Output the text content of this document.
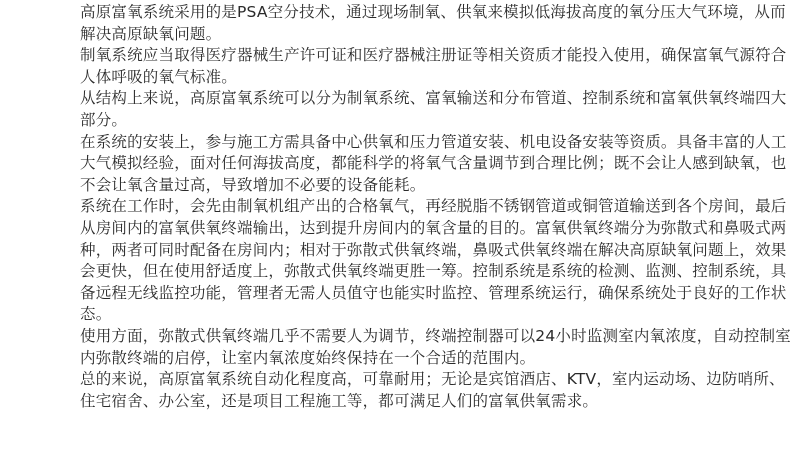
高原富氧系统采用的是PSA空分技术，通过现场制氧、供氧来模拟低海拔高度的氧分压大气环境，从而解决高原缺氧问题。

制氧系统应当取得医疗器械生产许可证和医疗器械注册证等相关资质才能投入使用，确保富氧气源符合人体呼吸的氧气标准。

从结构上来说，高原富氧系统可以分为制氧系统、富氧输送和分布管道、控制系统和富氧供氧终端四大部分。

在系统的安装上，参与施工方需具备中心供氧和压力管道安装、机电设备安装等资质。具备丰富的人工大气模拟经验，面对任何海拔高度，都能科学的将氧气含量调节到合理比例；既不会让人感到缺氧，也不会让氧含量过高，导致增加不必要的设备能耗。

系统在工作时，会先由制氧机组产出的合格氧气，再经脱脂不锈钢管道或铜管道输送到各个房间，最后从房间内的富氧供氧终端输出，达到提升房间内的氧含量的目的。富氧供氧终端分为弥散式和鼻吸式两种，两者可同时配备在房间内；相对于弥散式供氧终端，鼻吸式供氧终端在解决高原缺氧问题上，效果会更快，但在使用舒适度上，弥散式供氧终端更胜一筹。控制系统是系统的检测、监测、控制系统，具备远程无线监控功能，管理者无需人员值守也能实时监控、管理系统运行，确保系统处于良好的工作状态。

使用方面，弥散式供氧终端几乎不需要人为调节，终端控制器可以24小时监测室内氧浓度，自动控制室内弥散终端的启停，让室内氧浓度始终保持在一个合适的范围内。

总的来说，高原富氧系统自动化程度高，可靠耐用；无论是宾馆酒店、KTV，室内运动场、边防哨所、住宅宿舍、办公室，还是项目工程施工等，都可满足人们的富氧供氧需求。
